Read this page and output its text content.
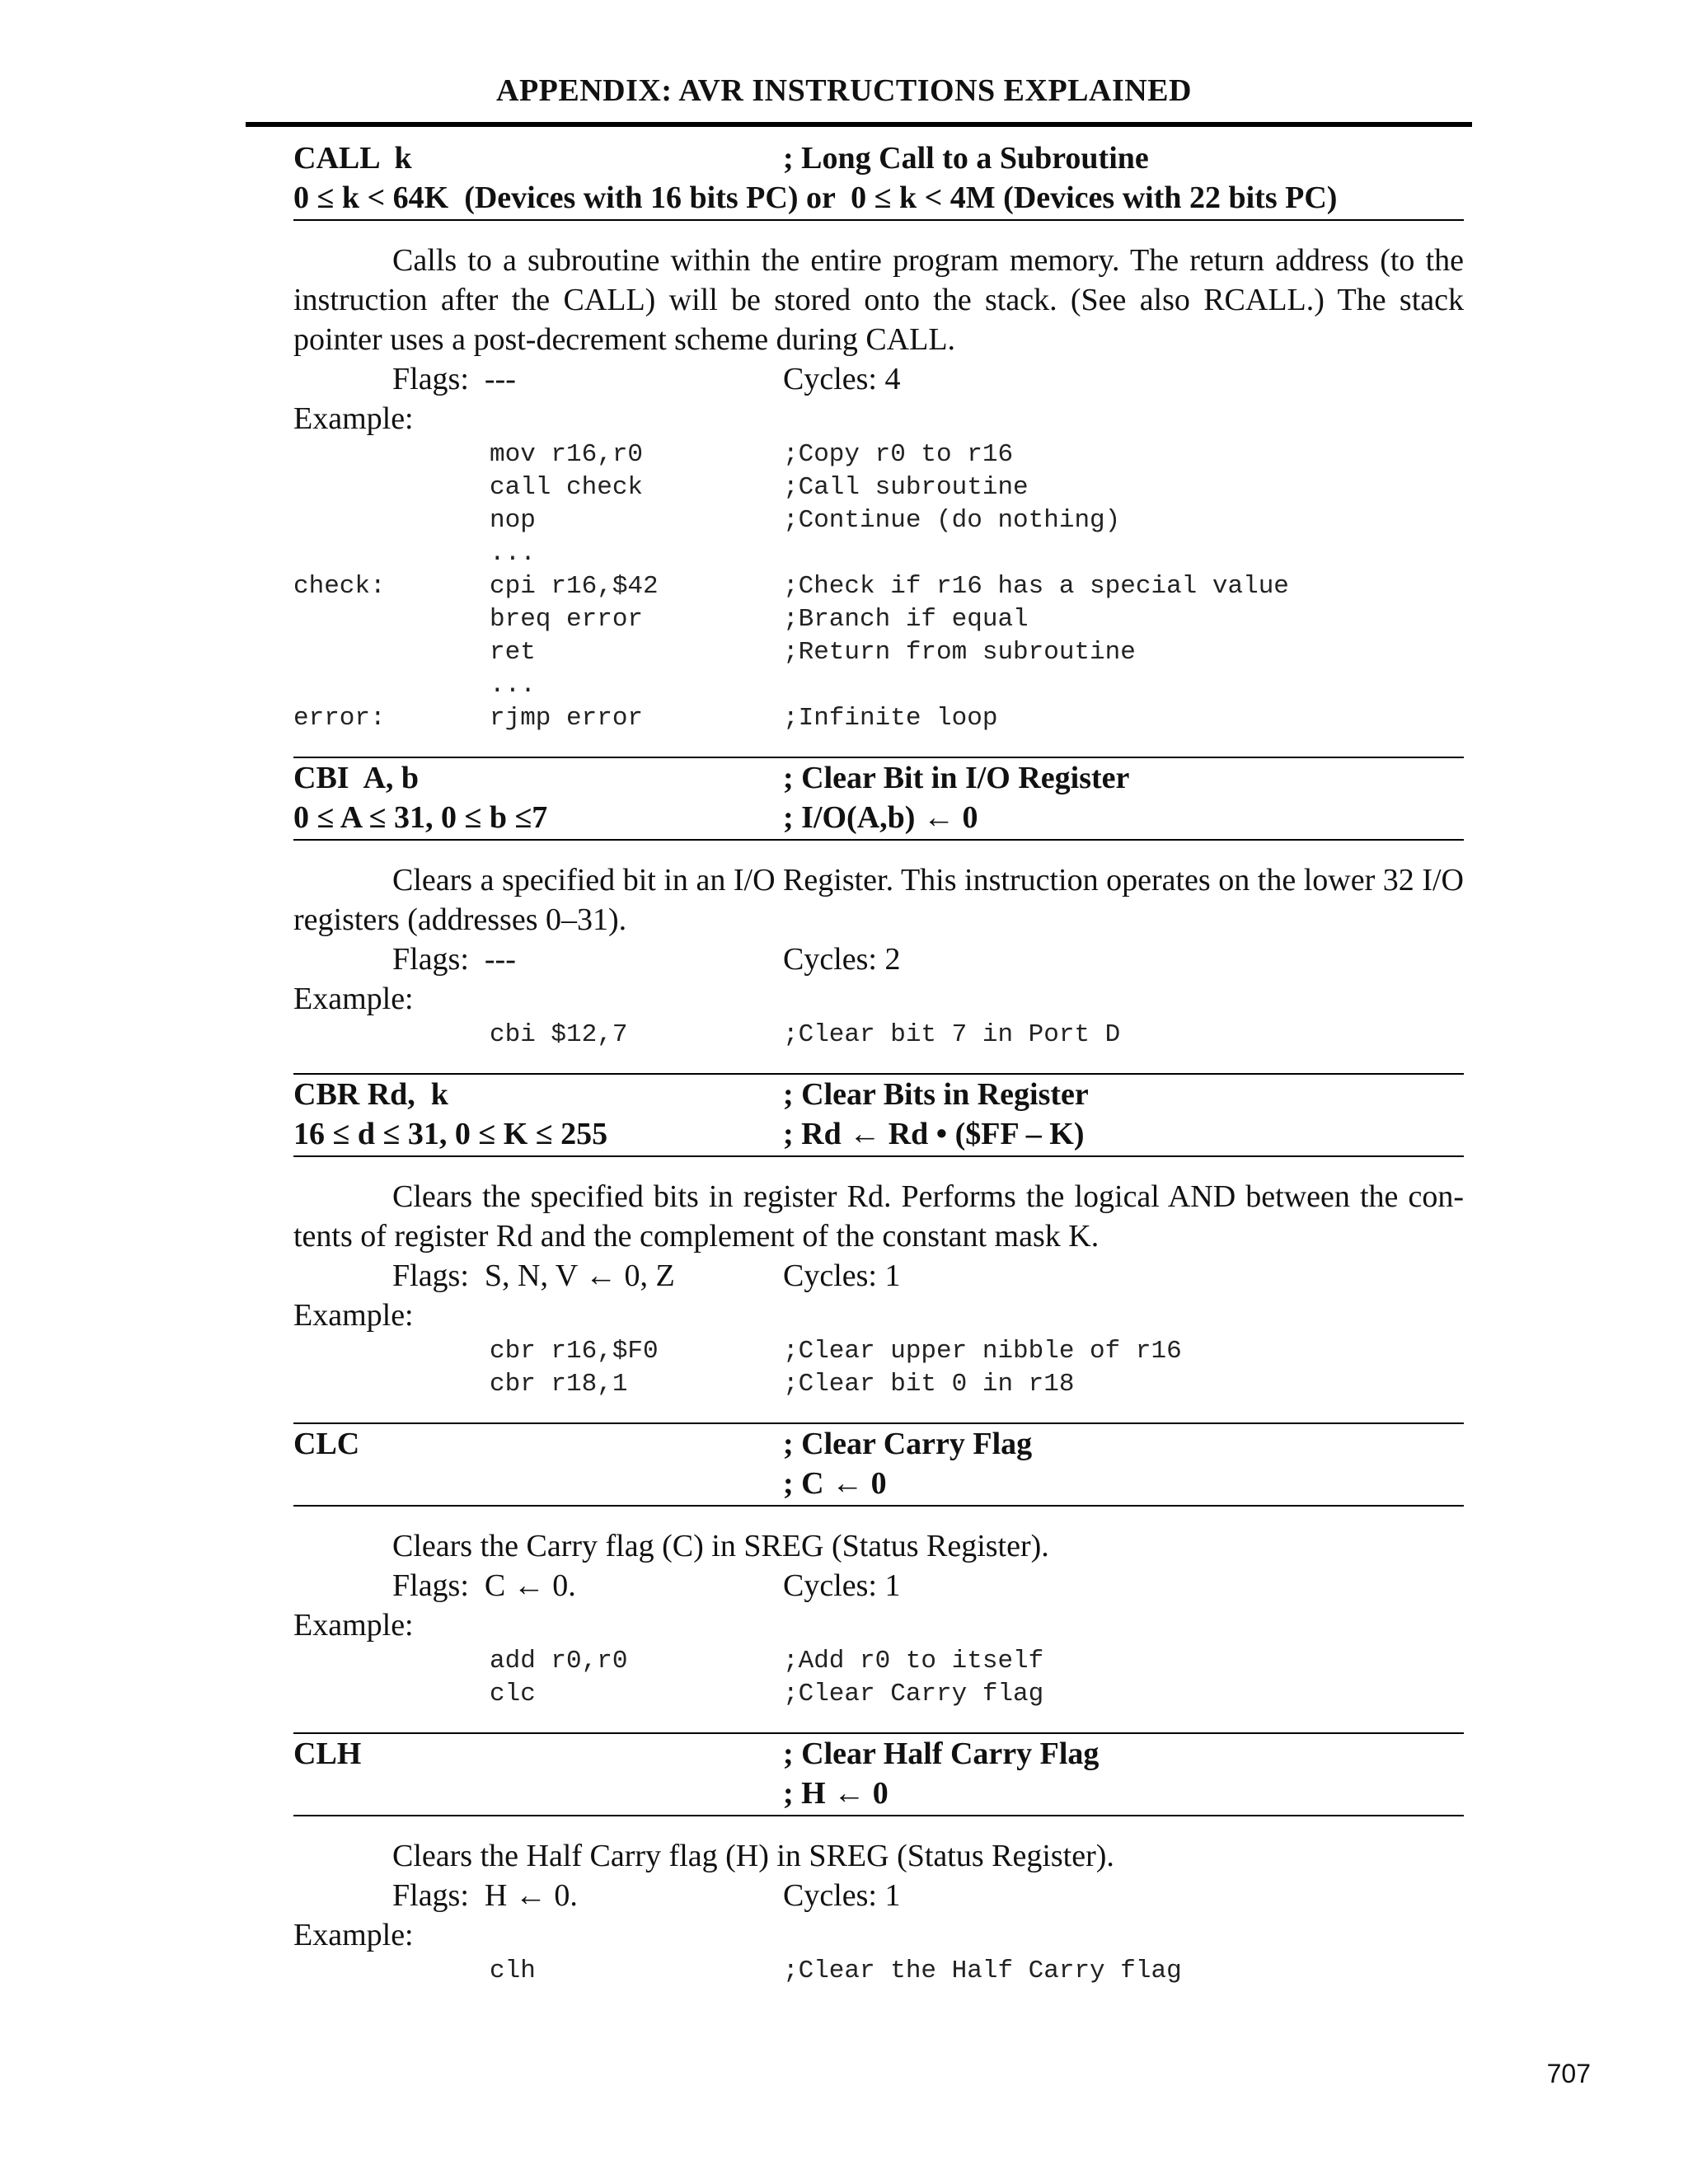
APPENDIX: AVR INSTRUCTIONS EXPLAINED
CALL  k	; Long Call to a Subroutine
0 ≤ k < 64K  (Devices with 16 bits PC) or  0 ≤ k < 4M (Devices with 22 bits PC)
Calls to a subroutine within the entire program memory. The return address (to the instruction after the CALL) will be stored onto the stack. (See also RCALL.) The stack pointer uses a post-decrement scheme during CALL.
Flags:  ---	Cycles: 4
Example:
mov r16,r0	;Copy r0 to r16
call check	;Call subroutine
nop	;Continue (do nothing)
...
check:	cpi r16,$42	;Check if r16 has a special value
breq error	;Branch if equal
ret	;Return from subroutine
...
error:	rjmp error	;Infinite loop
CBI  A, b	; Clear Bit in I/O Register
0 ≤ A ≤ 31, 0 ≤ b ≤7	; I/O(A,b) ← 0
Clears a specified bit in an I/O Register. This instruction operates on the lower 32 I/O registers (addresses 0–31).
Flags:  ---	Cycles: 2
Example:
cbi $12,7	;Clear bit 7 in Port D
CBR Rd,  k	; Clear Bits in Register
16 ≤ d ≤ 31, 0 ≤ K ≤ 255	; Rd ← Rd • ($FF – K)
Clears the specified bits in register Rd. Performs the logical AND between the con- tents of register Rd and the complement of the constant mask K.
Flags:  S, N, V ← 0, Z	Cycles: 1
Example:
cbr r16,$F0	;Clear upper nibble of r16
cbr r18,1	;Clear bit 0 in r18
CLC	; Clear Carry Flag
; C ← 0
Clears the Carry flag (C) in SREG (Status Register).
Flags:  C ← 0.	Cycles: 1
Example:
add r0,r0	;Add r0 to itself
clc	;Clear Carry flag
CLH	; Clear Half Carry Flag
; H ← 0
Clears the Half Carry flag (H) in SREG (Status Register).
Flags:  H ← 0.	Cycles: 1
Example:
clh	;Clear the Half Carry flag
707
